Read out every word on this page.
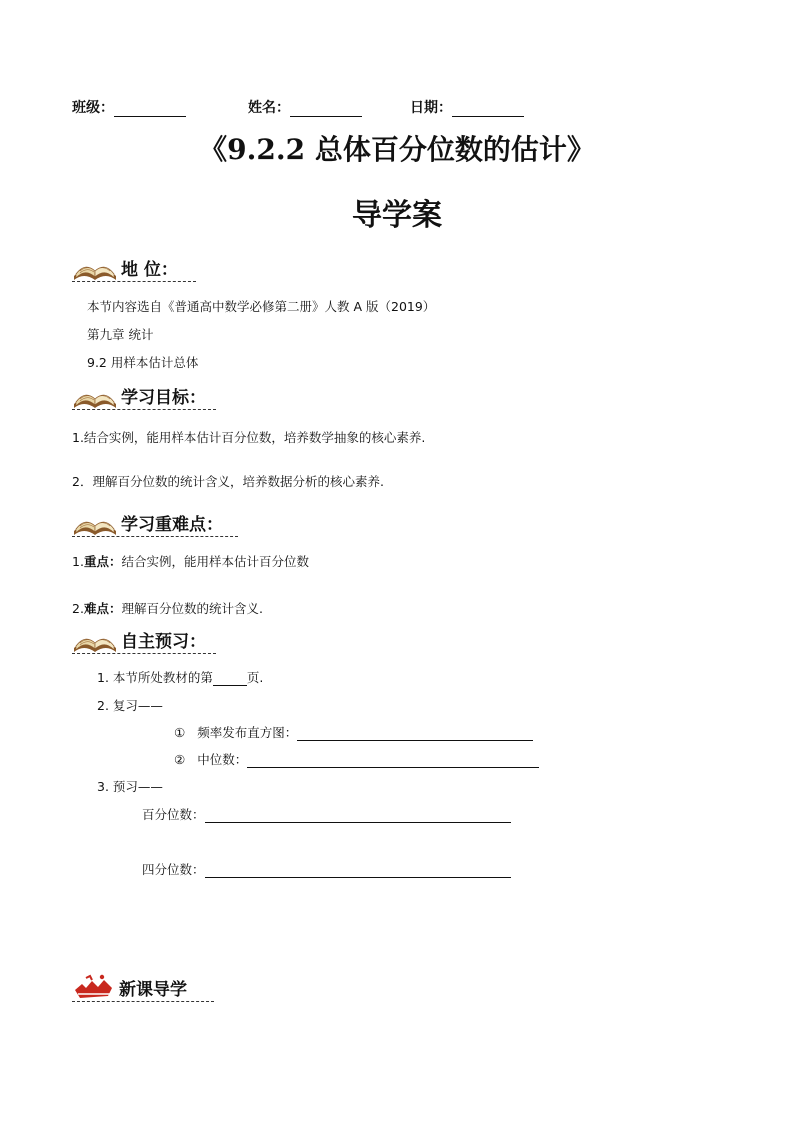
班级：	姓名：	日期：
《9.2.2 总体百分位数的估计》
导学案
地 位：
本节内容选自《普通高中数学必修第二册》人教 A 版（2019）
第九章 统计
9.2 用样本估计总体
学习目标：
1.结合实例，能用样本估计百分位数，培养数学抽象的核心素养.
2．理解百分位数的统计含义，培养数据分析的核心素养.
学习重难点：
1.重点：结合实例，能用样本估计百分位数
2.难点：理解百分位数的统计含义.
自主预习：
1. 本节所处教材的第	页.
2. 复习——
① 频率发布直方图：
② 中位数：
3. 预习——
百分位数：
四分位数：
新课导学
